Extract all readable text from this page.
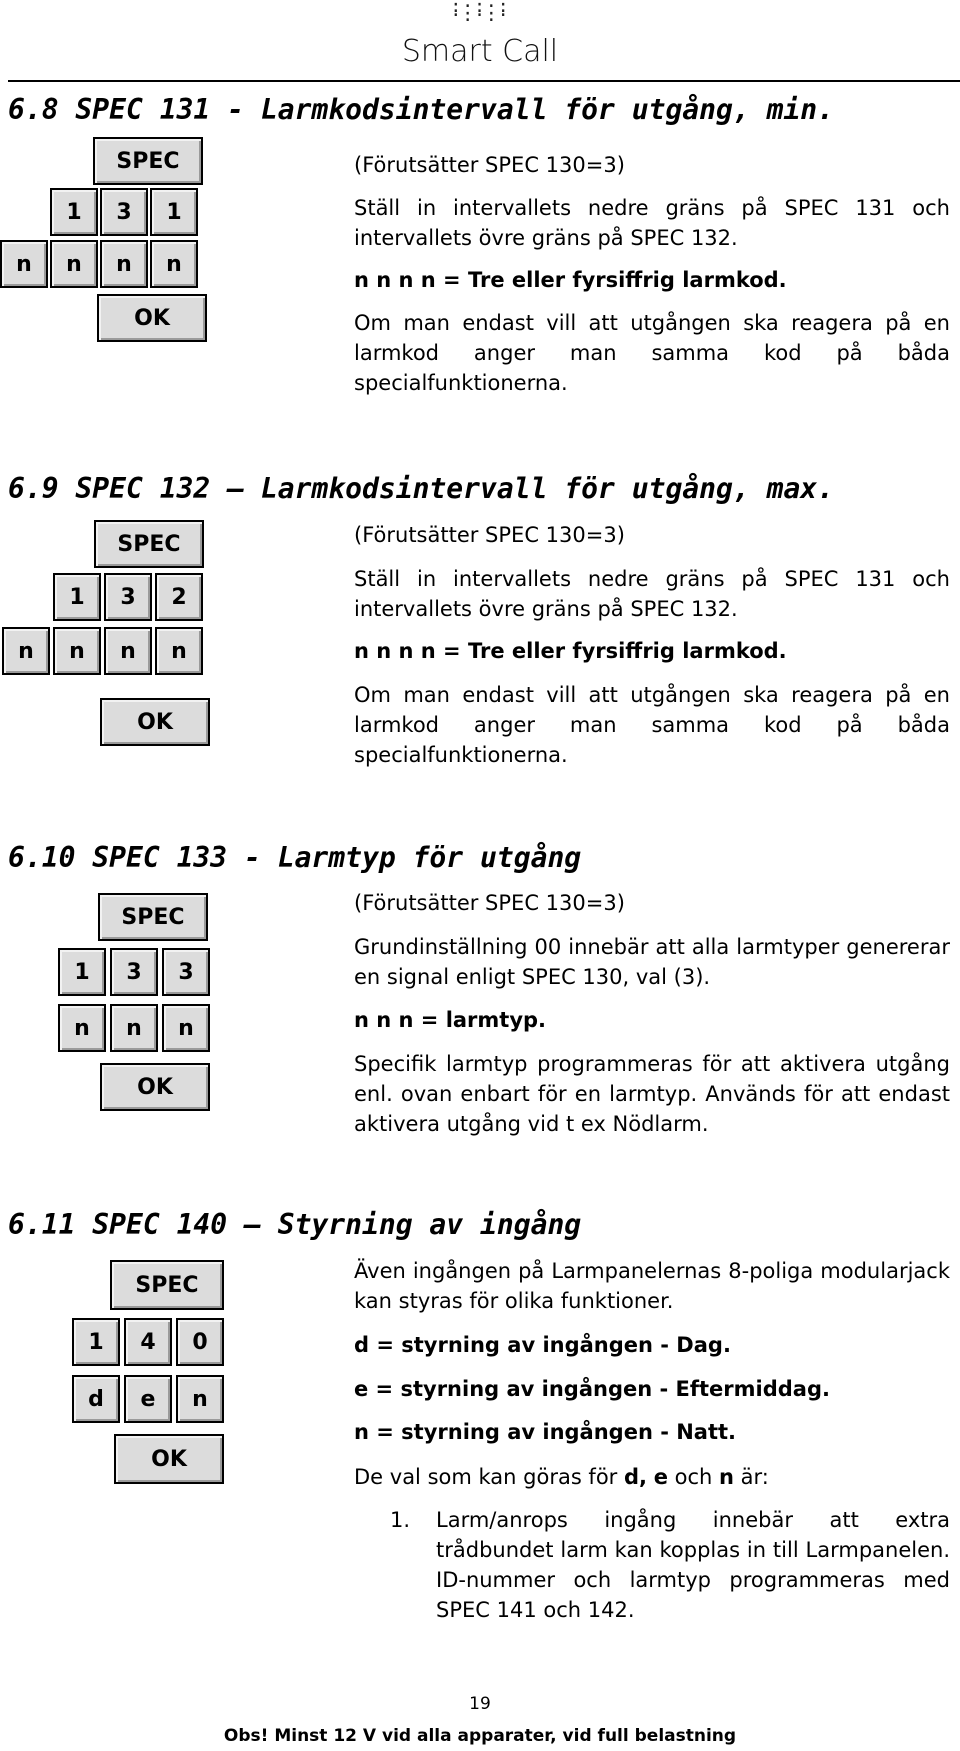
:·:·:
·:·:·
Smart Call
6.8 SPEC 131 - Larmkodsintervall för utgång, min.
SPEC
1	3	1
n	n	n	n
OK

(Förutsätter SPEC 130=3)

Ställ in intervallets nedre gräns på SPEC 131 och intervallets övre gräns på SPEC 132.

n n n n = Tre eller fyrsiffrig larmkod.

Om man endast vill att utgången ska reagera på en larmkod anger man samma kod på båda specialfunktionerna.

6.9 SPEC 132 – Larmkodsintervall för utgång, max.
SPEC
1	3	2
n	n	n	n
OK

(Förutsätter SPEC 130=3)

Ställ in intervallets nedre gräns på SPEC 131 och intervallets övre gräns på SPEC 132.

n n n n = Tre eller fyrsiffrig larmkod.

Om man endast vill att utgången ska reagera på en larmkod anger man samma kod på båda specialfunktionerna.

6.10 SPEC 133 - Larmtyp för utgång
SPEC
1	3	3
n	n	n
OK

(Förutsätter SPEC 130=3)

Grundinställning 00 innebär att alla larmtyper genererar en signal enligt SPEC 130, val (3).

n n n = larmtyp.

Specifik larmtyp programmeras för att aktivera utgång enl. ovan enbart för en larmtyp. Används för att endast aktivera utgång vid t ex Nödlarm.

6.11 SPEC 140 – Styrning av ingång
SPEC
1	4	0
d	e	n
OK

Även ingången på Larmpanelernas 8-poliga modularjack kan styras för olika funktioner.

d = styrning av ingången - Dag.

e = styrning av ingången - Eftermiddag.

n = styrning av ingången - Natt.

De val som kan göras för d, e och n är:

1. Larm/anrops ingång innebär att extra trådbundet larm kan kopplas in till Larmpanelen. ID-nummer och larmtyp programmeras med SPEC 141 och 142.
19
Obs! Minst 12 V vid alla apparater, vid full belastning
